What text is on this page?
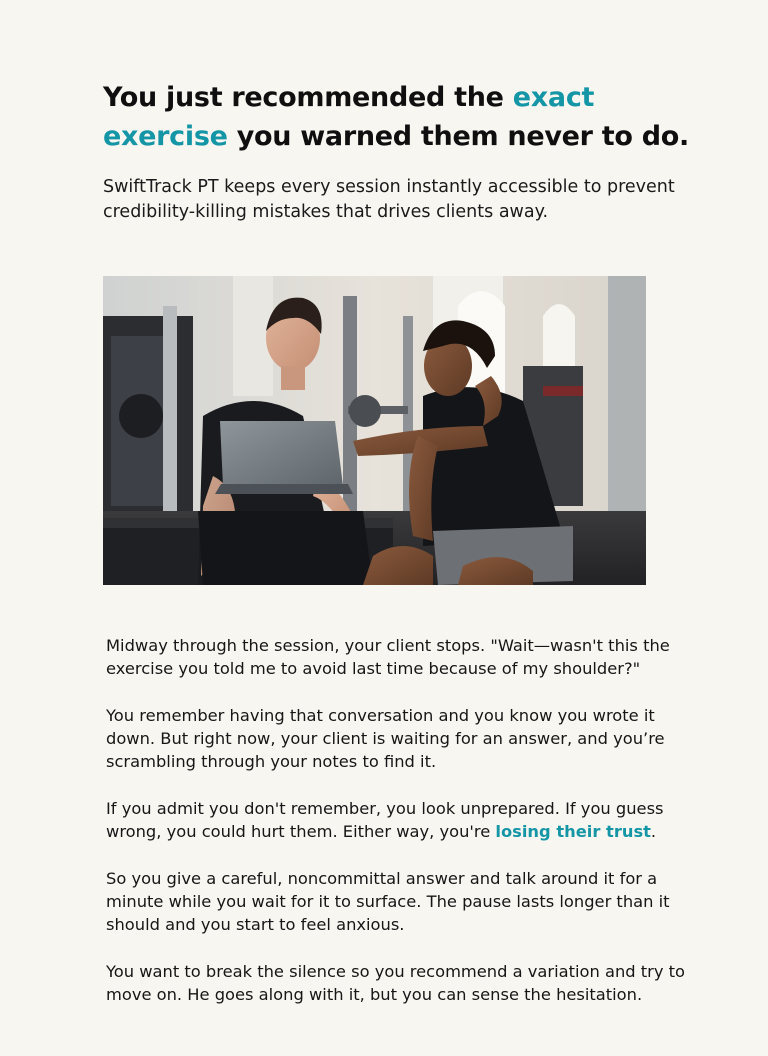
You just recommended the exact exercise you warned them never to do.

SwiftTrack PT keeps every session instantly accessible to prevent credibility-killing mistakes that drives clients away.

Midway through the session, your client stops. "Wait—wasn't this the exercise you told me to avoid last time because of my shoulder?"

You remember having that conversation and you know you wrote it down. But right now, your client is waiting for an answer, and you’re scrambling through your notes to find it.

If you admit you don't remember, you look unprepared. If you guess wrong, you could hurt them. Either way, you're losing their trust.

So you give a careful, noncommittal answer and talk around it for a minute while you wait for it to surface. The pause lasts longer than it should and you start to feel anxious.

You want to break the silence so you recommend a variation and try to move on. He goes along with it, but you can sense the hesitation.
